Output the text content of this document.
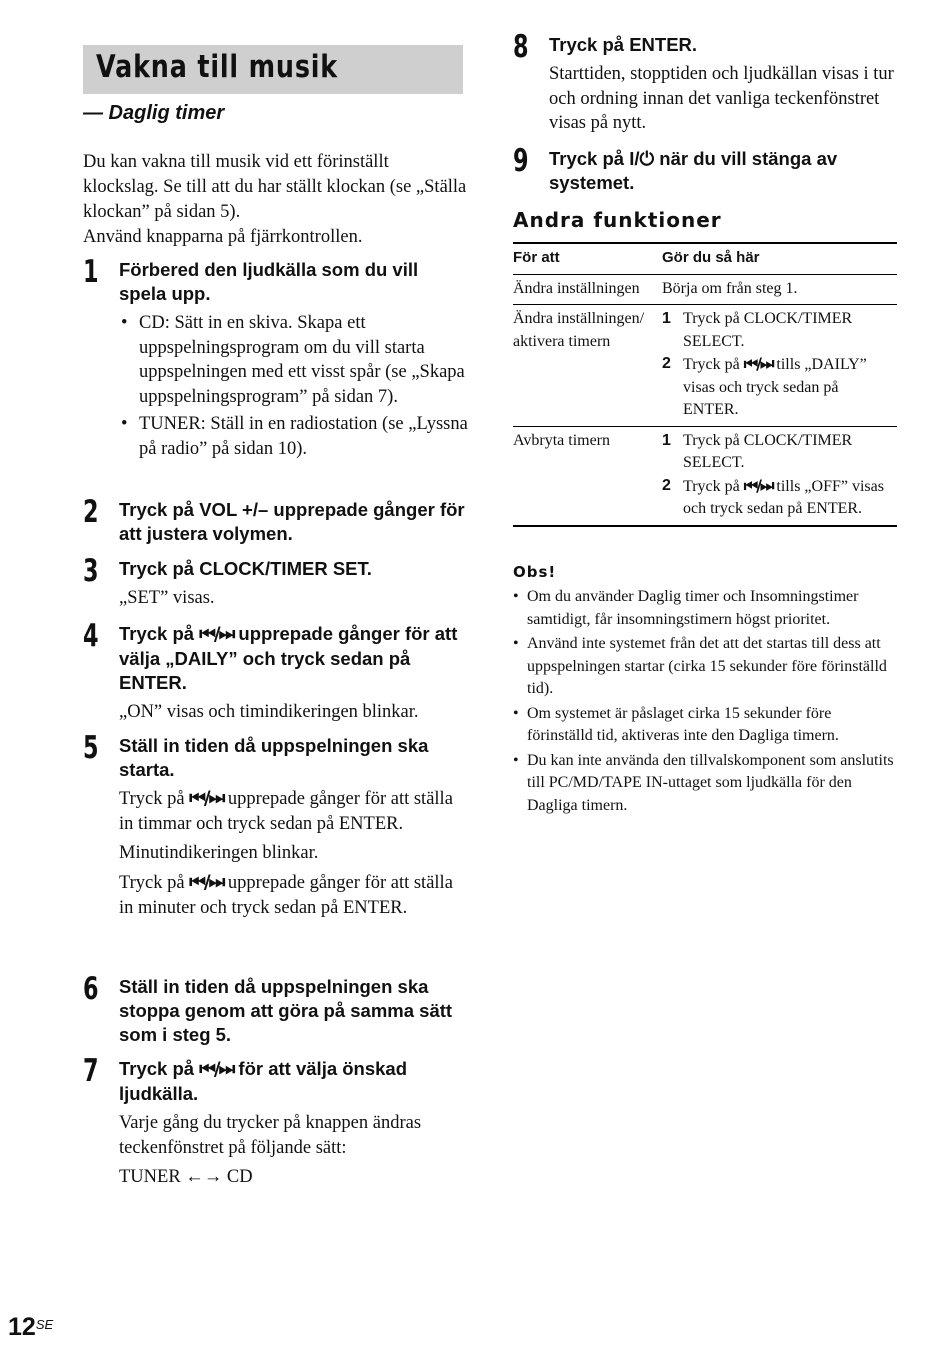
Vakna till musik
— Daglig timer
Du kan vakna till musik vid ett förinställt klockslag. Se till att du har ställt klockan (se „Ställa klockan” på sidan 5).
Använd knapparna på fjärrkontrollen.
1 Förbered den ljudkälla som du vill spela upp.
• CD: Sätt in en skiva. Skapa ett uppspelningsprogram om du vill starta uppspelningen med ett visst spår (se „Skapa uppspelningsprogram” på sidan 7).
• TUNER: Ställ in en radiostation (se „Lyssna på radio” på sidan 10).
2 Tryck på VOL +/– upprepade gånger för att justera volymen.
3 Tryck på CLOCK/TIMER SET.
„SET” visas.
4 Tryck på ⏮/⏭ upprepade gånger för att välja „DAILY” och tryck sedan på ENTER.
„ON” visas och timindikeringen blinkar.
5 Ställ in tiden då uppspelningen ska starta.
Tryck på ⏮/⏭ upprepade gånger för att ställa in timmar och tryck sedan på ENTER.
Minutindikeringen blinkar.
Tryck på ⏮/⏭ upprepade gånger för att ställa in minuter och tryck sedan på ENTER.
6 Ställ in tiden då uppspelningen ska stoppa genom att göra på samma sätt som i steg 5.
7 Tryck på ⏮/⏭ för att välja önskad ljudkälla.
Varje gång du trycker på knappen ändras teckenfönstret på följande sätt:
TUNER ←→ CD
8 Tryck på ENTER.
Starttiden, stopptiden och ljudkällan visas i tur och ordning innan det vanliga teckenfönstret visas på nytt.
9 Tryck på I/⏻ när du vill stänga av systemet.
Andra funktioner
För att	Gör du så här
Ändra inställningen	Börja om från steg 1.
Ändra inställningen/ aktivera timern	1 Tryck på CLOCK/TIMER SELECT.
2 Tryck på ⏮/⏭ tills „DAILY” visas och tryck sedan på ENTER.

Avbryta timern	1 Tryck på CLOCK/TIMER SELECT.
2 Tryck på ⏮/⏭ tills „OFF” visas och tryck sedan på ENTER.
Obs!
• Om du använder Daglig timer och Insomningstimer samtidigt, får insomningstimern högst prioritet.
• Använd inte systemet från det att det startas till dess att uppspelningen startar (cirka 15 sekunder före förinställd tid).
• Om systemet är påslaget cirka 15 sekunder före förinställd tid, aktiveras inte den Dagliga timern.
• Du kan inte använda den tillvalskomponent som anslutits till PC/MD/TAPE IN-uttaget som ljudkälla för den Dagliga timern.
$12^{SE}$
